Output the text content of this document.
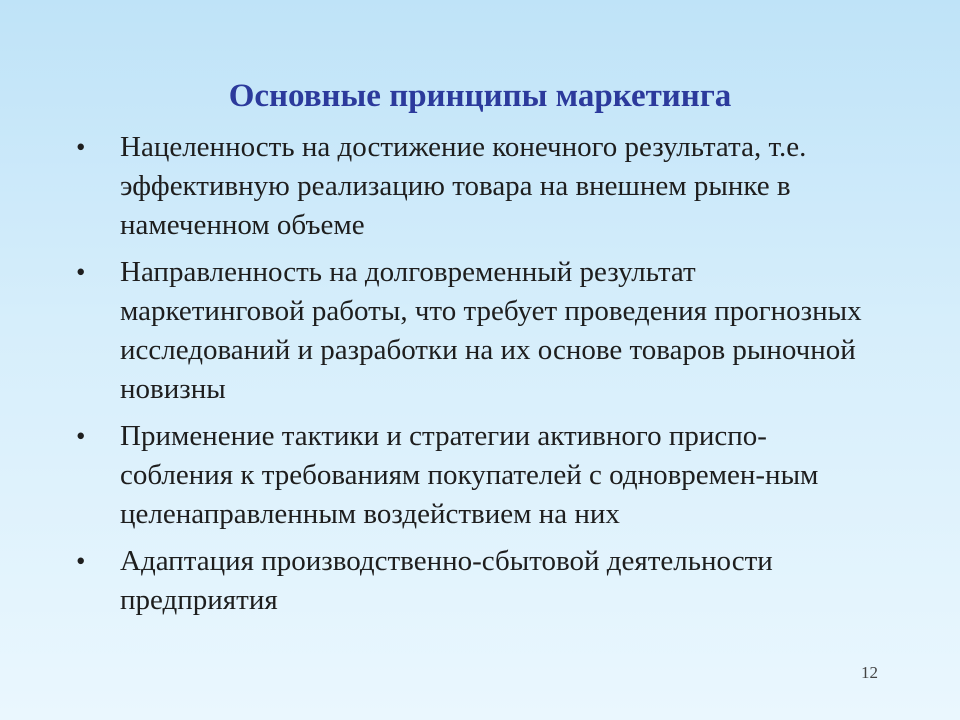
Основные принципы маркетинга
• Нацеленность на достижение конечного результата, т.е. эффективную реализацию товара на внешнем рынке в намеченном объеме
• Направленность на долговременный результат маркетинговой работы, что требует проведения прогнозных исследований и разработки на их основе товаров рыночной новизны
• Применение тактики и стратегии активного приспо-собления к требованиям покупателей с одновремен-ным целенаправленным воздействием на них
• Адаптация производственно-сбытовой деятельности предприятия
12
